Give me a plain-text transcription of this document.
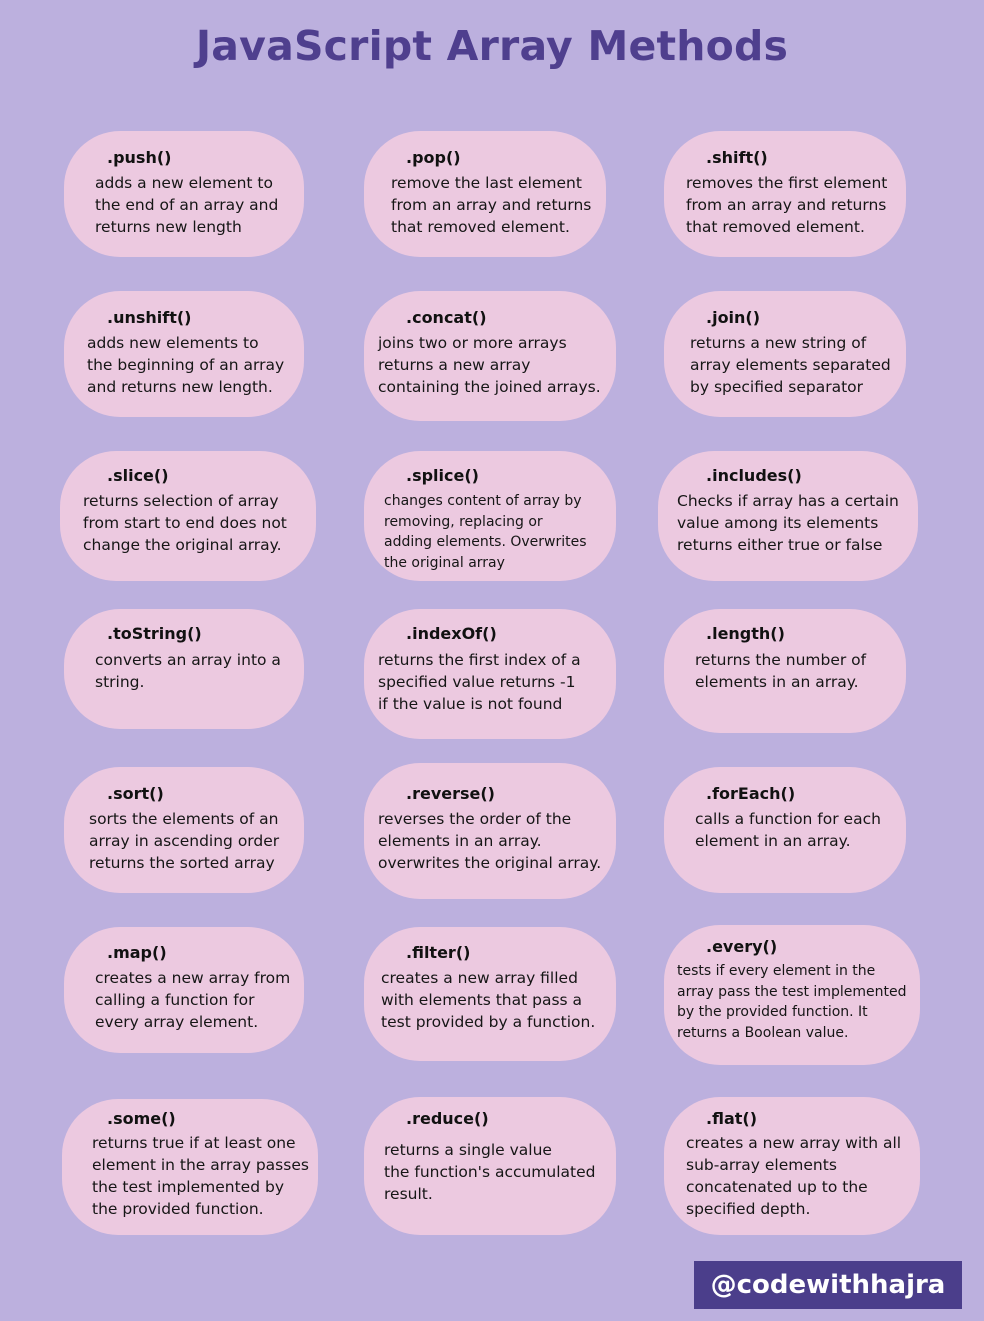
JavaScript Array Methods
.push()
adds a new element to
the end of an array and
returns new length
.pop()
remove the last element
from an array and returns
that removed element.
.shift()
removes the first element
from an array and returns
that removed element.
.unshift()
adds new elements to
the beginning of an array
and returns new length.
.concat()
joins two or more arrays
returns a new array
containing the joined arrays.
.join()
returns a new string of
array elements separated
by specified separator
.slice()
returns selection of array
from start to end does not
change the original array.
.splice()
changes content of array by
removing, replacing or
adding elements. Overwrites
the original array
.includes()
Checks if array has a certain
value among its elements
returns either true or false
.toString()
converts an array into a
string.
.indexOf()
returns the first index of a
specified value returns -1
if the value is not found
.length()
returns the number of
elements in an array.
.sort()
sorts the elements of an
array in ascending order
returns the sorted array
.reverse()
reverses the order of the
elements in an array.
overwrites the original array.
.forEach()
calls a function for each
element in an array.
.map()
creates a new array from
calling a function for
every array element.
.filter()
creates a new array filled
with elements that pass a
test provided by a function.
.every()
tests if every element in the
array pass the test implemented
by the provided function. It
returns a Boolean value.
.some()
returns true if at least one
element in the array passes
the test implemented by
the provided function.
.reduce()
returns a single value
the function's accumulated
result.
.flat()
creates a new array with all
sub-array elements
concatenated up to the
specified depth.
@codewithhajra
